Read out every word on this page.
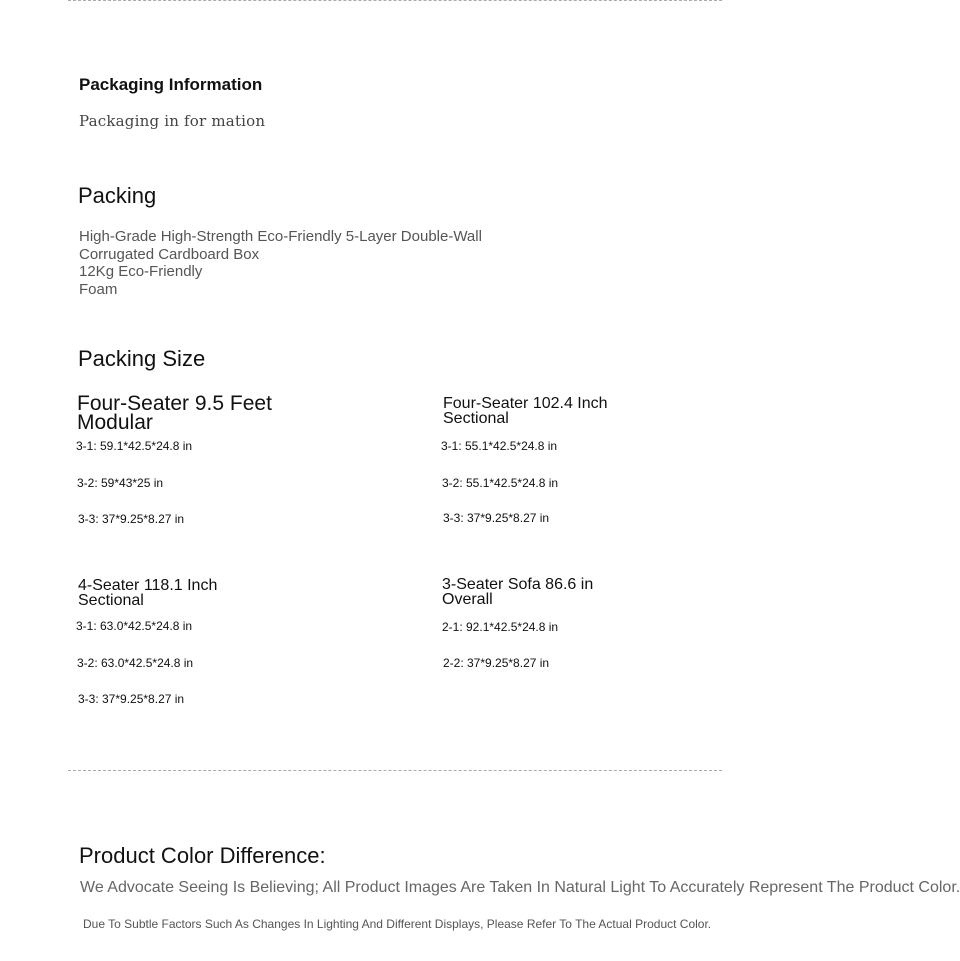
Packaging Information
Packaging in for mation
Packing
High-Grade High-Strength Eco-Friendly 5-Layer Double-Wall
Corrugated Cardboard Box
12Kg Eco-Friendly
Foam
Packing Size
Four-Seater 9.5 Feet
Modular
3-1: 59.1*42.5*24.8 in
3-2: 59*43*25 in
3-3: 37*9.25*8.27 in
Four-Seater 102.4 Inch
Sectional
3-1: 55.1*42.5*24.8 in
3-2: 55.1*42.5*24.8 in
3-3: 37*9.25*8.27 in
4-Seater 118.1 Inch
Sectional
3-1: 63.0*42.5*24.8 in
3-2: 63.0*42.5*24.8 in
3-3: 37*9.25*8.27 in
3-Seater Sofa 86.6 in
Overall
2-1: 92.1*42.5*24.8 in
2-2: 37*9.25*8.27 in
Product Color Difference:
We Advocate Seeing Is Believing; All Product Images Are Taken In Natural Light To Accurately Represent The Product Color.
Due To Subtle Factors Such As Changes In Lighting And Different Displays, Please Refer To The Actual Product Color.
